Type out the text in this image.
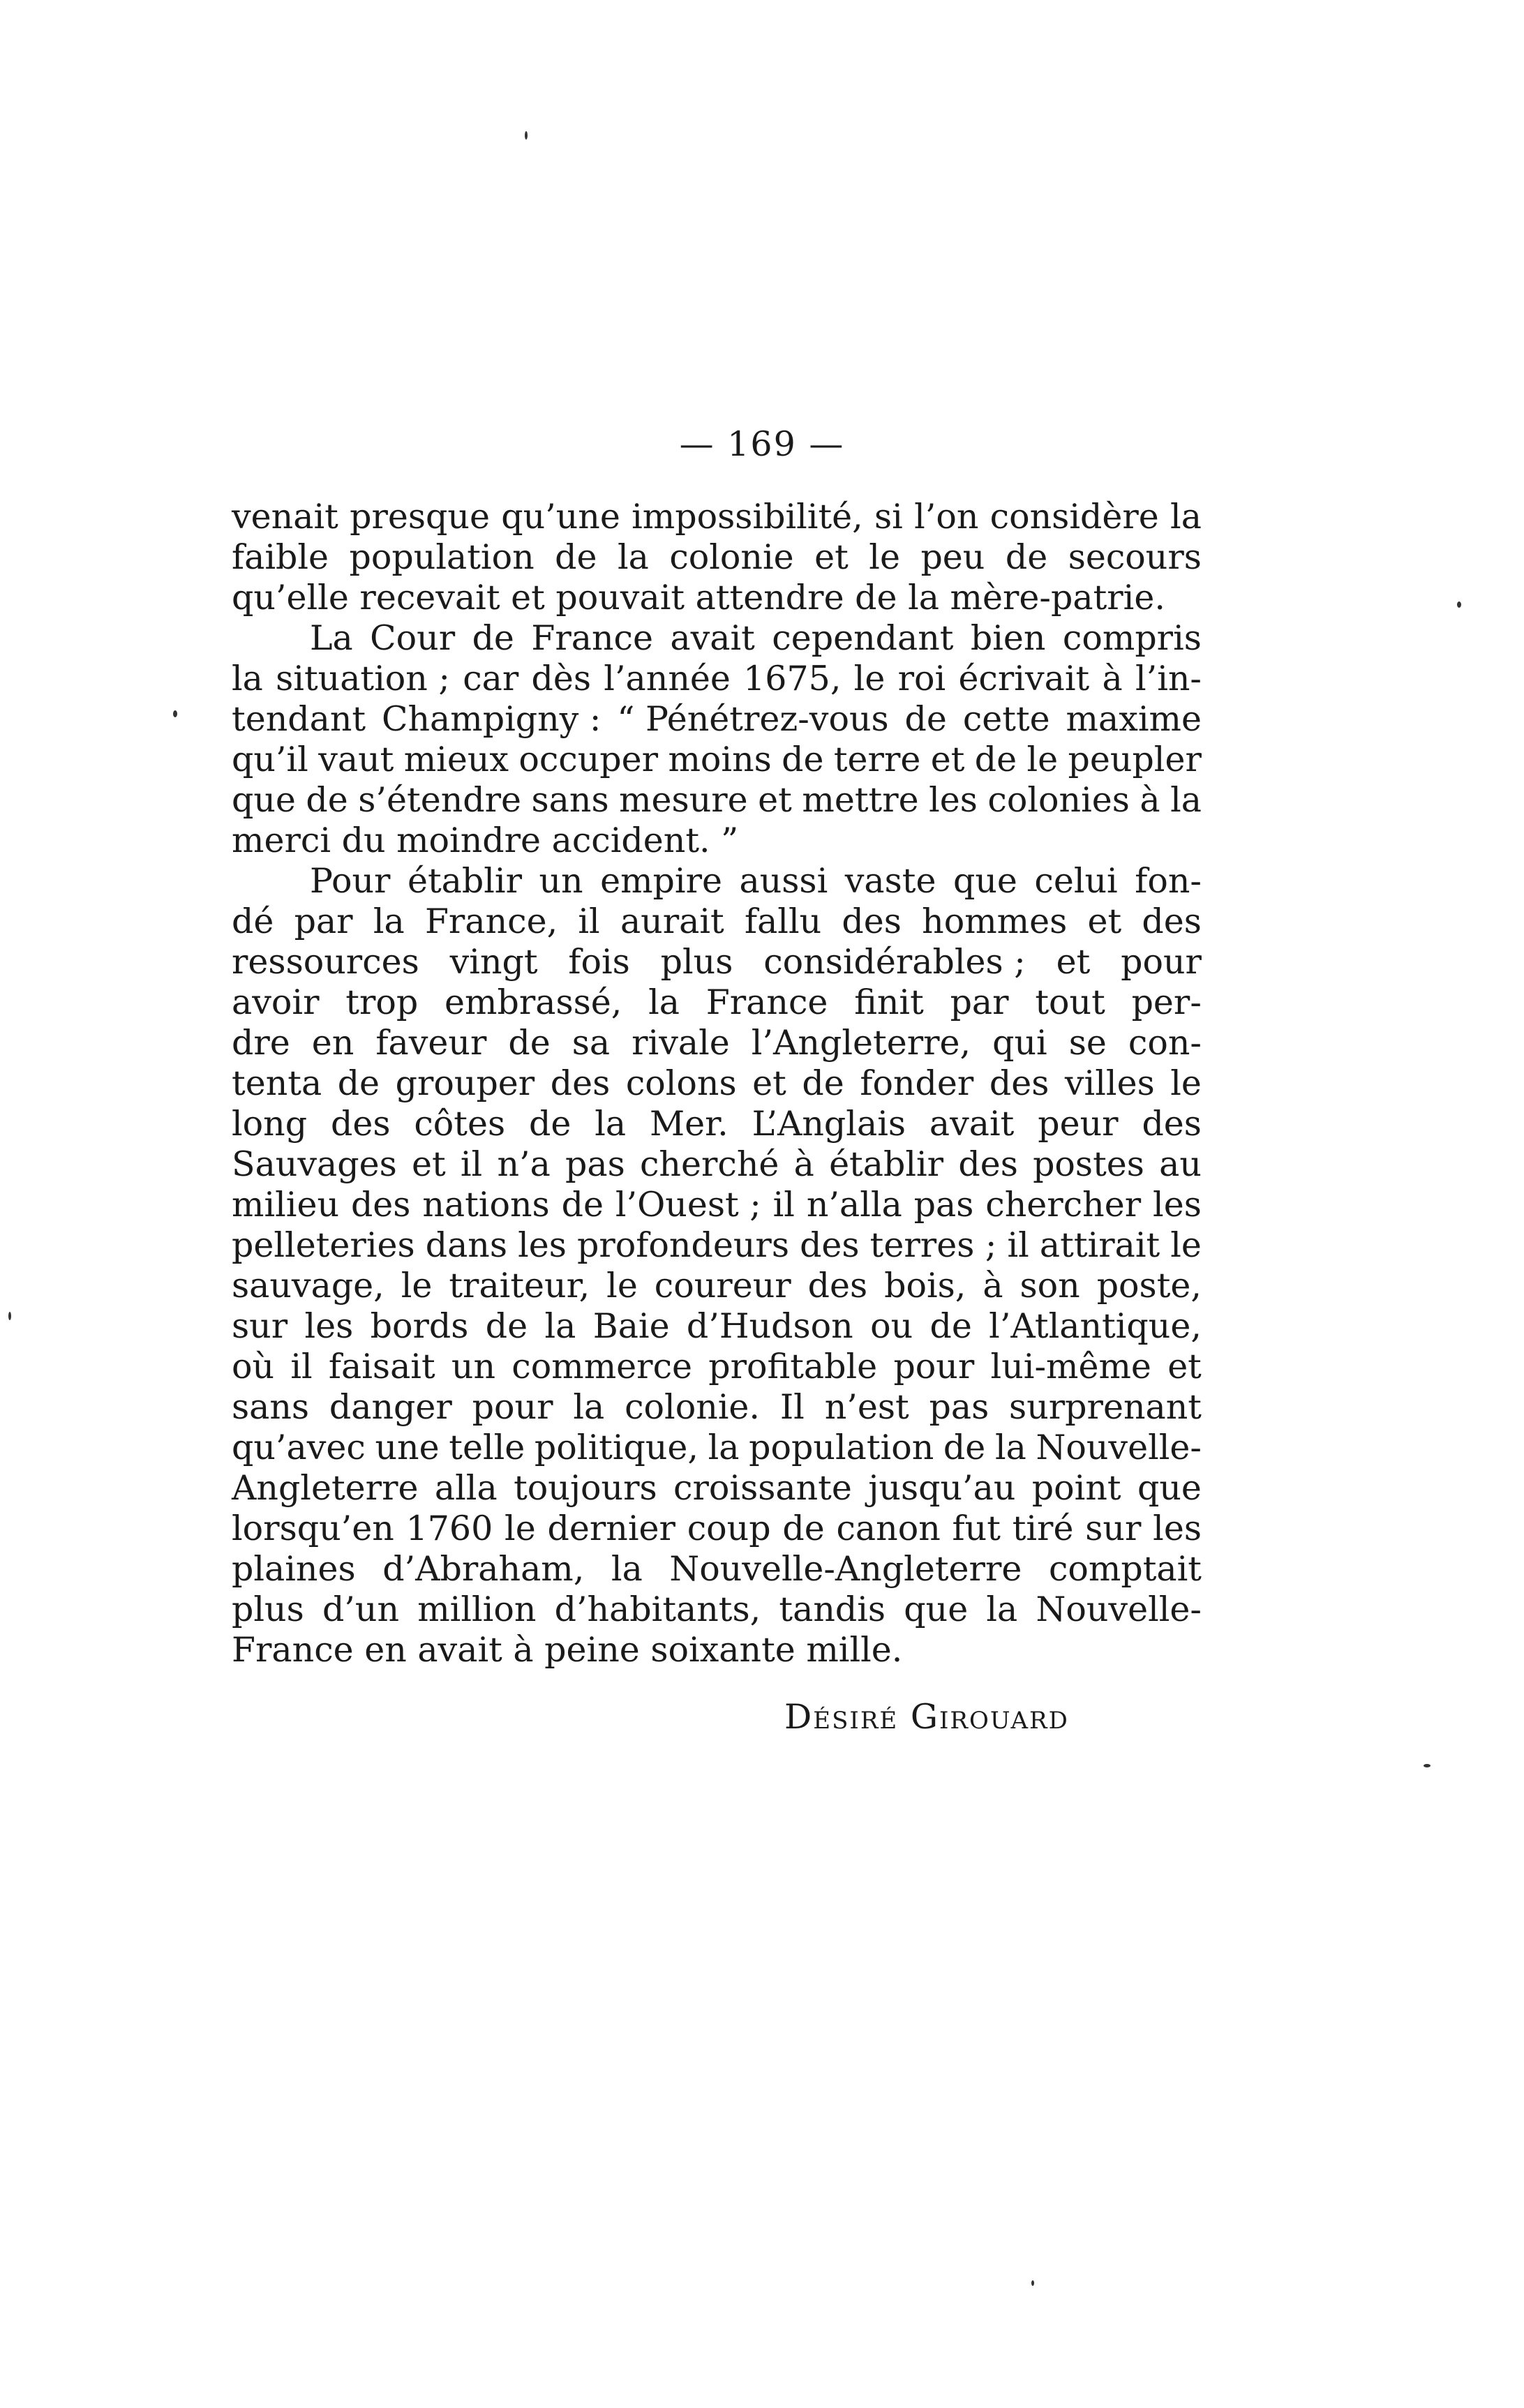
— 169 —
venait presque qu’une impossibilité, si l’on considère la
faible population de la colonie et le peu de secours
qu’elle recevait et pouvait attendre de la mère-patrie.
La Cour de France avait cependant bien compris
la situation ; car dès l’année 1675, le roi écrivait à l’in-
tendant Champigny : “ Pénétrez-vous de cette maxime
qu’il vaut mieux occuper moins de terre et de le peupler
que de s’étendre sans mesure et mettre les colonies à la
merci du moindre accident. ”
Pour établir un empire aussi vaste que celui fon-
dé par la France, il aurait fallu des hommes et des
ressources vingt fois plus considérables ; et pour
avoir trop embrassé, la France finit par tout per-
dre en faveur de sa rivale l’Angleterre, qui se con-
tenta de grouper des colons et de fonder des villes le
long des côtes de la Mer. L’Anglais avait peur des
Sauvages et il n’a pas cherché à établir des postes au
milieu des nations de l’Ouest ; il n’alla pas chercher les
pelleteries dans les profondeurs des terres ; il attirait le
sauvage, le traiteur, le coureur des bois, à son poste,
sur les bords de la Baie d’Hudson ou de l’Atlantique,
où il faisait un commerce profitable pour lui-même et
sans danger pour la colonie. Il n’est pas surprenant
qu’avec une telle politique, la population de la Nouvelle-
Angleterre alla toujours croissante jusqu’au point que
lorsqu’en 1760 le dernier coup de canon fut tiré sur les
plaines d’Abraham, la Nouvelle-Angleterre comptait
plus d’un million d’habitants, tandis que la Nouvelle-
France en avait à peine soixante mille.
Désiré Girouard
